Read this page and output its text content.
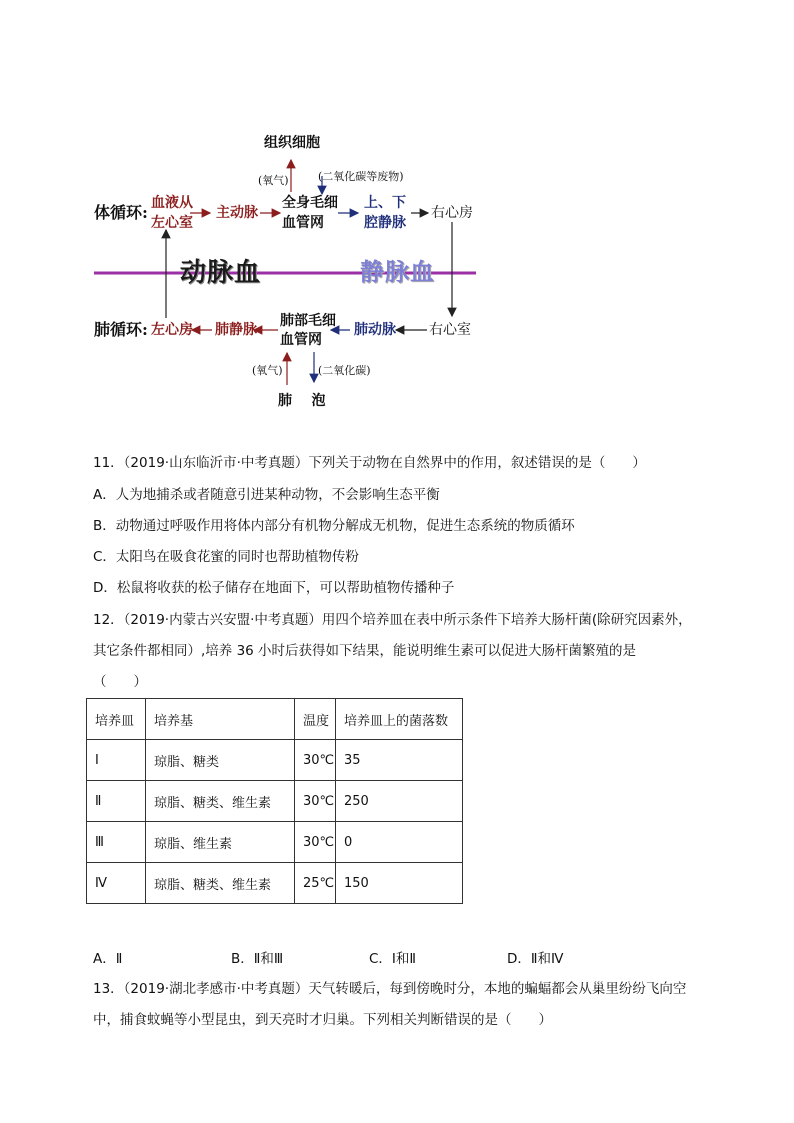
组织细胞
(氧气)	(二氧化碳等废物)
体循环: 血液从
左心室
主动脉
全身毛细
血管网
上、下
腔静脉
右心房
动脉血	静脉血
肺循环: 左心房 肺静脉
肺部毛细
血管网
肺动脉 右心室
(氧气)	(二氧化碳)
肺    泡
11．（2019·山东临沂市·中考真题）下列关于动物在自然界中的作用，叙述错误的是（　　）
A．人为地捕杀或者随意引进某种动物，不会影响生态平衡
B．动物通过呼吸作用将体内部分有机物分解成无机物，促进生态系统的物质循环
C．太阳鸟在吸食花蜜的同时也帮助植物传粉
D．松鼠将收获的松子储存在地面下，可以帮助植物传播种子
12．（2019·内蒙古兴安盟·中考真题）用四个培养皿在表中所示条件下培养大肠杆菌(除研究因素外，
其它条件都相同）,培养 36 小时后获得如下结果，能说明维生素可以促进大肠杆菌繁殖的是
（　　）
培养皿	培养基	温度	培养皿上的菌落数
Ⅰ	琼脂、糖类	30℃	35
Ⅱ	琼脂、糖类、维生素	30℃	250
Ⅲ	琼脂、维生素	30℃	0
Ⅳ	琼脂、糖类、维生素	25℃	150
A．Ⅱ	B．Ⅱ和Ⅲ	C．Ⅰ和Ⅱ	D．Ⅱ和Ⅳ
13．（2019·湖北孝感市·中考真题）天气转暖后，每到傍晚时分，本地的蝙蝠都会从巢里纷纷飞向空
中，捕食蚊蝇等小型昆虫，到天亮时才归巢。下列相关判断错误的是（　　）
